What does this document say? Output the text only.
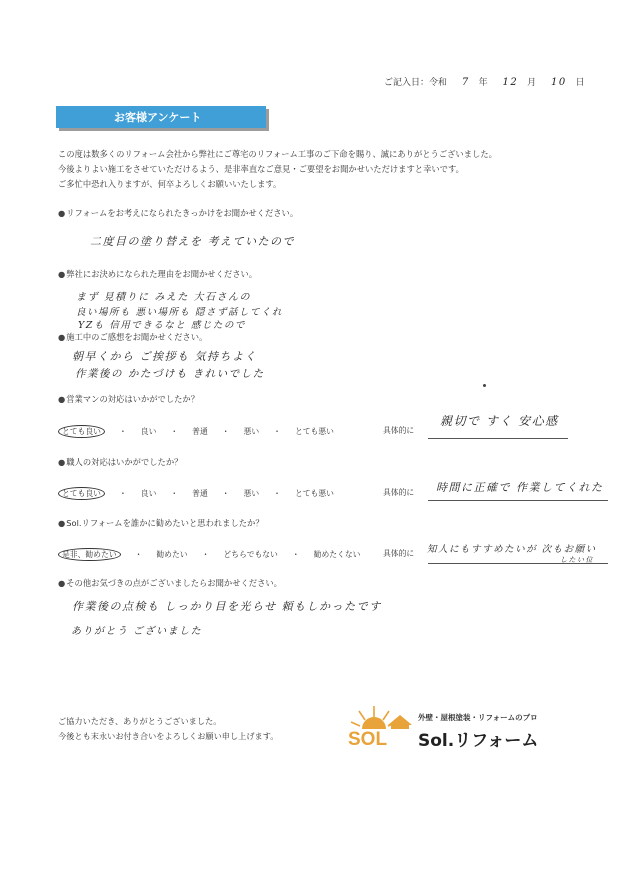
ご記入日：令和 7 年 12 月 10 日
お客様アンケート
この度は数多くのリフォーム会社から弊社にご尊宅のリフォーム工事のご下命を賜り、誠にありがとうございました。
今後よりよい施工をさせていただけるよう、是非率直なご意見・ご要望をお聞かせいただけますと幸いです。
ご多忙中恐れ入りますが、何卒よろしくお願いいたします。
●リフォームをお考えになられたきっかけをお聞かせください。
二度目の塗り替えを 考えていたので
●弊社にお決めになられた理由をお聞かせください。
まず 見積りに みえた 大石さんの
良い場所も 悪い場所も 隠さず話してくれ
YZも 信用できるなと 感じたので
●施工中のご感想をお聞かせください。
朝早くから ご挨拶も 気持ちよく
作業後の かたづけも きれいでした
●営業マンの対応はいかがでしたか？
とても良い ・ 良い ・ 普通 ・ 悪い ・ とても悪い	具体的に
親切で すく 安心感
●職人の対応はいかがでしたか？
とても良い ・ 良い ・ 普通 ・ 悪い ・ とても悪い	具体的に 時間に正確で 作業してくれた
●Sol.リフォームを誰かに勧めたいと思われましたか？
是非、勧めたい ・ 勧めたい ・ どちらでもない ・ 勧めたくない	具体的に 知人にもすすめたいが 次もお願い
したい位
●その他お気づきの点がございましたらお聞かせください。
作業後の点検も しっかり目を光らせ 頼もしかったです
ありがとう ございました
ご協力いただき、ありがとうございました。
今後とも末永いお付き合いをよろしくお願い申し上げます。	SOL
外壁・屋根塗装・リフォームのプロ
Sol.リフォーム
